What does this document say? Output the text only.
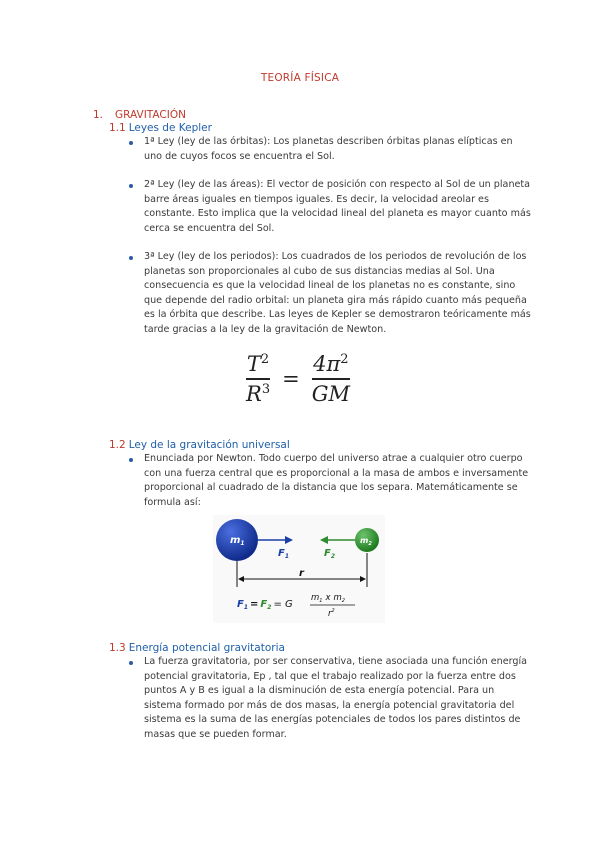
TEORÍA FÍSICA
1. GRAVITACIÓN
1.1 Leyes de Kepler
1ª Ley (ley de las órbitas): Los planetas describen órbitas planas elípticas en uno de cuyos focos se encuentra el Sol.
2ª Ley (ley de las áreas): El vector de posición con respecto al Sol de un planeta barre áreas iguales en tiempos iguales. Es decir, la velocidad areolar es constante. Esto implica que la velocidad lineal del planeta es mayor cuanto más cerca se encuentra del Sol.
3ª Ley (ley de los periodos): Los cuadrados de los periodos de revolución de los planetas son proporcionales al cubo de sus distancias medias al Sol. Una consecuencia es que la velocidad lineal de los planetas no es constante, sino que depende del radio orbital: un planeta gira más rápido cuanto más pequeña es la órbita que describe. Las leyes de Kepler se demostraron teóricamente más tarde gracias a la ley de la gravitación de Newton.
$\frac{T^2}{R^3} = \frac{4\pi^2}{GM}$
1.2 Ley de la gravitación universal
Enunciada por Newton. Todo cuerpo del universo atrae a cualquier otro cuerpo con una fuerza central que es proporcional a la masa de ambos e inversamente proporcional al cuadrado de la distancia que los separa. Matemáticamente se formula así:
$m_1$	$m_2$
$F_1$	$F_2$
r
$F_1 = F_2 = G$
$m_1$ x $m_2$
$r^2$
1.3 Energía potencial gravitatoria
La fuerza gravitatoria, por ser conservativa, tiene asociada una función energía potencial gravitatoria, Ep , tal que el trabajo realizado por la fuerza entre dos puntos A y B es igual a la disminución de esta energía potencial. Para un sistema formado por más de dos masas, la energía potencial gravitatoria del sistema es la suma de las energías potenciales de todos los pares distintos de masas que se pueden formar.
